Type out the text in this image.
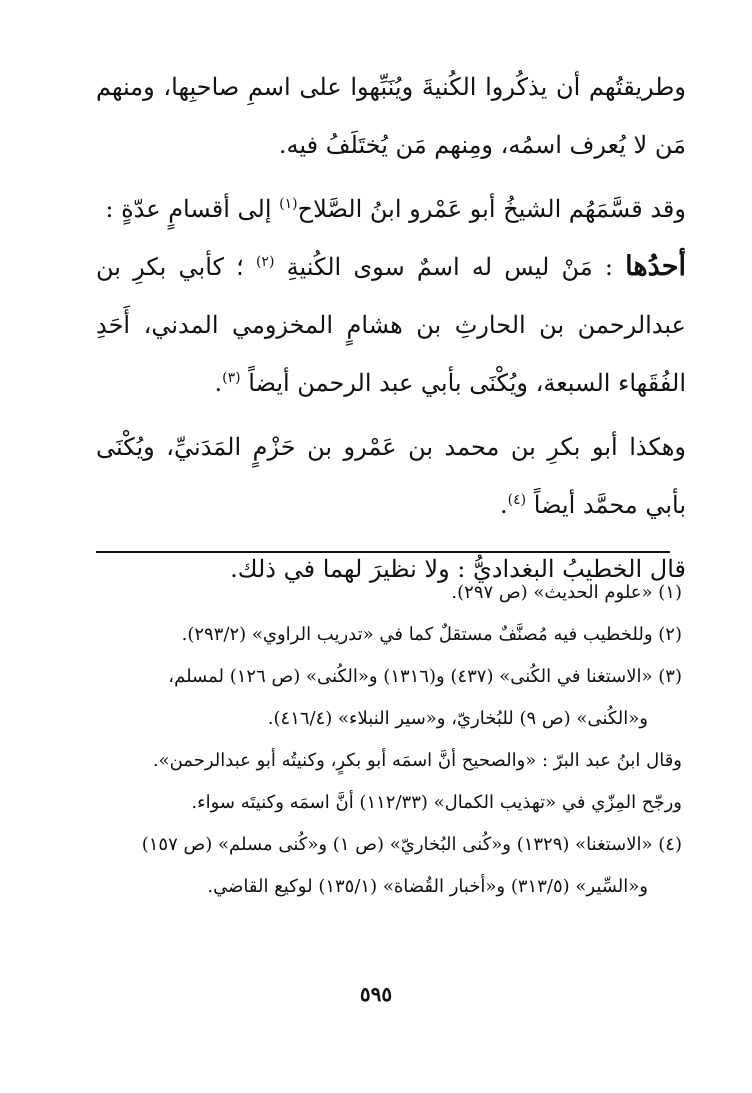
وطريقتُهم أن يذكُروا الكُنيةَ ويُنَبِّهوا على اسمِ صاحبِها، ومنهم مَن لا يُعرف اسمُه، ومِنهم مَن يُختَلَفُ فيه.

وقد قسَّمَهُم الشيخُ أبو عَمْرو ابنُ الصَّلاح$^{(١)}$ إلى أقسامٍ عدّةٍ :

أحدُها : مَنْ ليس له اسمٌ سوى الكُنيةِ $^{(٢)}$ ؛ كأبي بكرِ بن عبدالرحمن بن الحارثِ بن هشامٍ المخزومي المدني، أَحَدِ الفُقَهاء السبعة، ويُكْنَى بأبي عبد الرحمن أيضاً $^{(٣)}$.

وهكذا أبو بكرِ بن محمد بن عَمْرو بن حَزْمٍ المَدَنيِّ، ويُكْنَى بأبي محمَّد أيضاً $^{(٤)}$.

قال الخطيبُ البغداديُّ : ولا نظيرَ لهما في ذلك.

(١) «علوم الحديث» (ص ٢٩٧).

(٢) وللخطيب فيه مُصنَّفٌ مستقلٌ كما في «تدريب الراوي» (٢٩٣/٢).

(٣) «الاستغنا في الكُنى» (٤٣٧) و(١٣١٦) و«الكُنى» (ص ١٢٦) لمسلم،

و«الكُنى» (ص ٩) للبُخاريّ، و«سير النبلاء» (٤١٦/٤).

وقال ابنُ عبد البرّ : «والصحيح أنَّ اسمَه أبو بكرٍ، وكنيتُه أبو عبدالرحمن».

ورجّح المِزّي في «تهذيب الكمال» (١١٢/٣٣) أنَّ اسمَه وكنيتَه سواء.

(٤) «الاستغنا» (١٣٢٩) و«كُنى البُخاريّ» (ص ١) و«كُنى مسلم» (ص ١٥٧)

و«السِّير» (٣١٣/٥) و«أخبار القُضاة» (١٣٥/١) لوكيع القاضي.

٥٩٥
